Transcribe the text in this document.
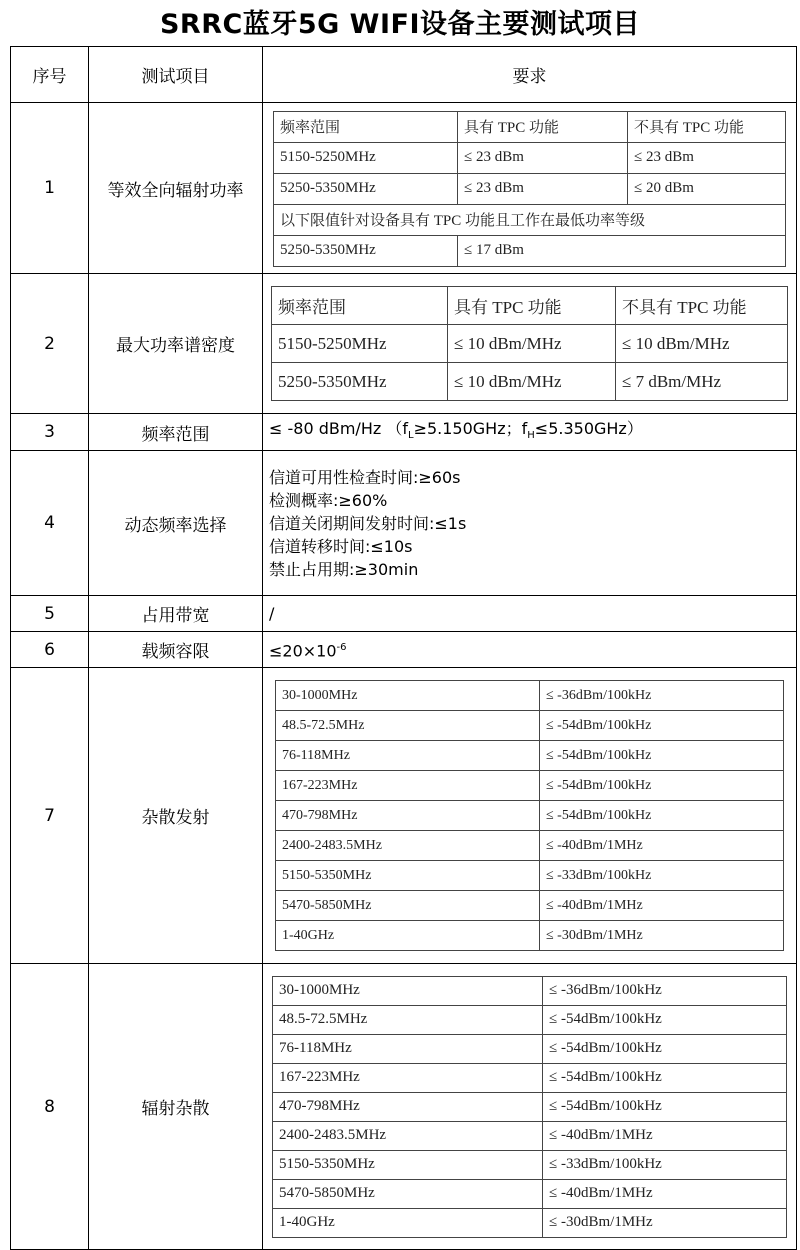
SRRC蓝牙5G WIFI设备主要测试项目
序号	测试项目	要求
1	等效全向辐射功率	
频率范围	具有 TPC 功能	不具有 TPC 功能
5150-5250MHz	≤ 23 dBm	≤ 23 dBm
5250-5350MHz	≤ 23 dBm	≤ 20 dBm
以下限值针对设备具有 TPC 功能且工作在最低功率等级
5250-5350MHz	≤ 17 dBm

2	最大功率谱密度	
频率范围	具有 TPC 功能	不具有 TPC 功能
5150-5250MHz	≤ 10 dBm/MHz	≤ 10 dBm/MHz
5250-5350MHz	≤ 10 dBm/MHz	≤ 7 dBm/MHz

3	频率范围	≤ -80 dBm/Hz （$f_L\ge 5.150GHz$；$f_H\le 5.350GHz$）

4	动态频率选择	
信道可用性检查时间:≥60s
检测概率:≥60%
信道关闭期间发射时间:≤1s
信道转移时间:≤10s
禁止占用期:≥30min

5	占用带宽	/

6	载频容限	$\le 20\times 10^{-6}$

7	杂散发射	
30-1000MHz	≤ -36dBm/100kHz
48.5-72.5MHz	≤ -54dBm/100kHz
76-118MHz	≤ -54dBm/100kHz
167-223MHz	≤ -54dBm/100kHz
470-798MHz	≤ -54dBm/100kHz
2400-2483.5MHz	≤ -40dBm/1MHz
5150-5350MHz	≤ -33dBm/100kHz
5470-5850MHz	≤ -40dBm/1MHz
1-40GHz	≤ -30dBm/1MHz

8	辐射杂散	
30-1000MHz	≤ -36dBm/100kHz
48.5-72.5MHz	≤ -54dBm/100kHz
76-118MHz	≤ -54dBm/100kHz
167-223MHz	≤ -54dBm/100kHz
470-798MHz	≤ -54dBm/100kHz
2400-2483.5MHz	≤ -40dBm/1MHz
5150-5350MHz	≤ -33dBm/100kHz
5470-5850MHz	≤ -40dBm/1MHz
1-40GHz	≤ -30dBm/1MHz
